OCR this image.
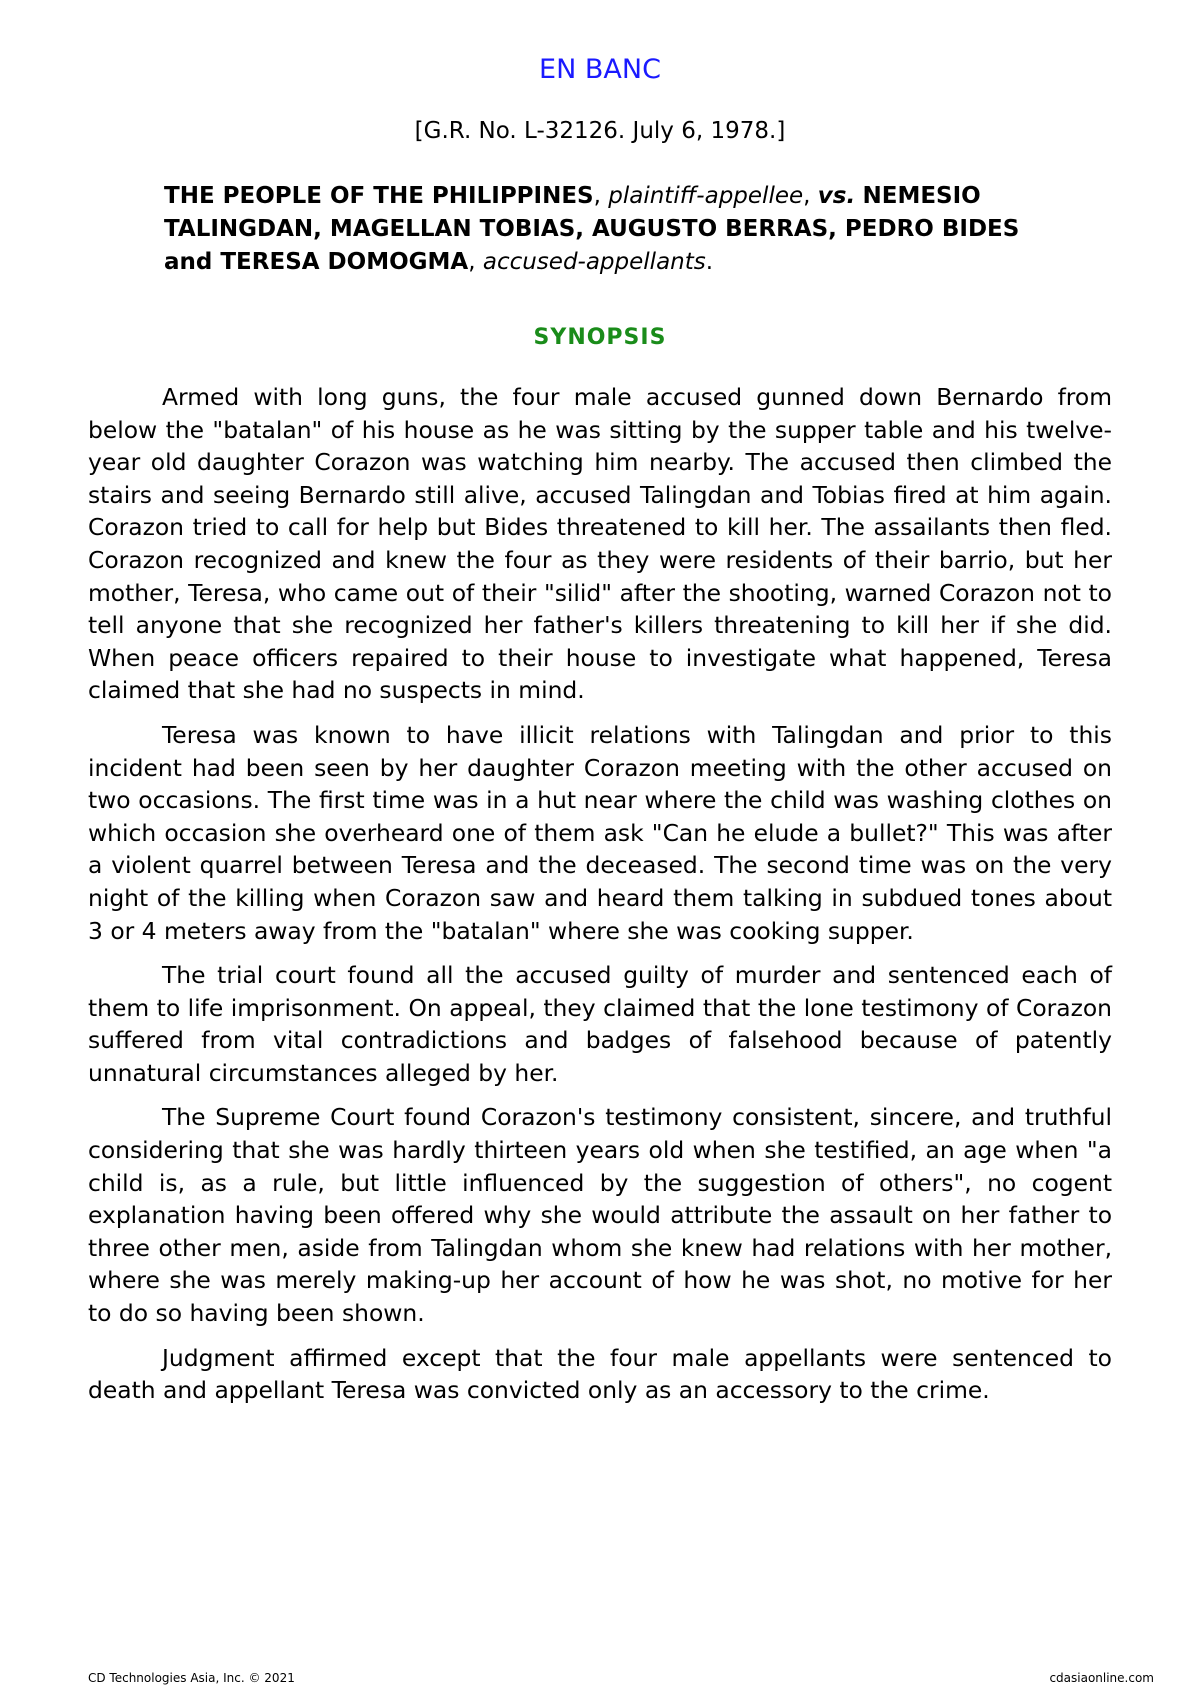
EN BANC

[G.R. No. L-32126. July 6, 1978.]

THE PEOPLE OF THE PHILIPPINES, plaintiff-appellee, vs. NEMESIO TALINGDAN, MAGELLAN TOBIAS, AUGUSTO BERRAS, PEDRO BIDES and TERESA DOMOGMA, accused-appellants.

SYNOPSIS

Armed with long guns, the four male accused gunned down Bernardo from below the "batalan" of his house as he was sitting by the supper table and his twelve-year old daughter Corazon was watching him nearby. The accused then climbed the stairs and seeing Bernardo still alive, accused Talingdan and Tobias fired at him again. Corazon tried to call for help but Bides threatened to kill her. The assailants then fled. Corazon recognized and knew the four as they were residents of their barrio, but her mother, Teresa, who came out of their "silid" after the shooting, warned Corazon not to tell anyone that she recognized her father's killers threatening to kill her if she did. When peace officers repaired to their house to investigate what happened, Teresa claimed that she had no suspects in mind.

Teresa was known to have illicit relations with Talingdan and prior to this incident had been seen by her daughter Corazon meeting with the other accused on two occasions. The first time was in a hut near where the child was washing clothes on which occasion she overheard one of them ask "Can he elude a bullet?" This was after a violent quarrel between Teresa and the deceased. The second time was on the very night of the killing when Corazon saw and heard them talking in subdued tones about 3 or 4 meters away from the "batalan" where she was cooking supper.

The trial court found all the accused guilty of murder and sentenced each of them to life imprisonment. On appeal, they claimed that the lone testimony of Corazon suffered from vital contradictions and badges of falsehood because of patently unnatural circumstances alleged by her.

The Supreme Court found Corazon's testimony consistent, sincere, and truthful considering that she was hardly thirteen years old when she testified, an age when "a child is, as a rule, but little influenced by the suggestion of others", no cogent explanation having been offered why she would attribute the assault on her father to three other men, aside from Talingdan whom she knew had relations with her mother, where she was merely making-up her account of how he was shot, no motive for her to do so having been shown.

Judgment affirmed except that the four male appellants were sentenced to death and appellant Teresa was convicted only as an accessory to the crime.

CD Technologies Asia, Inc. © 2021	cdasiaonline.com
